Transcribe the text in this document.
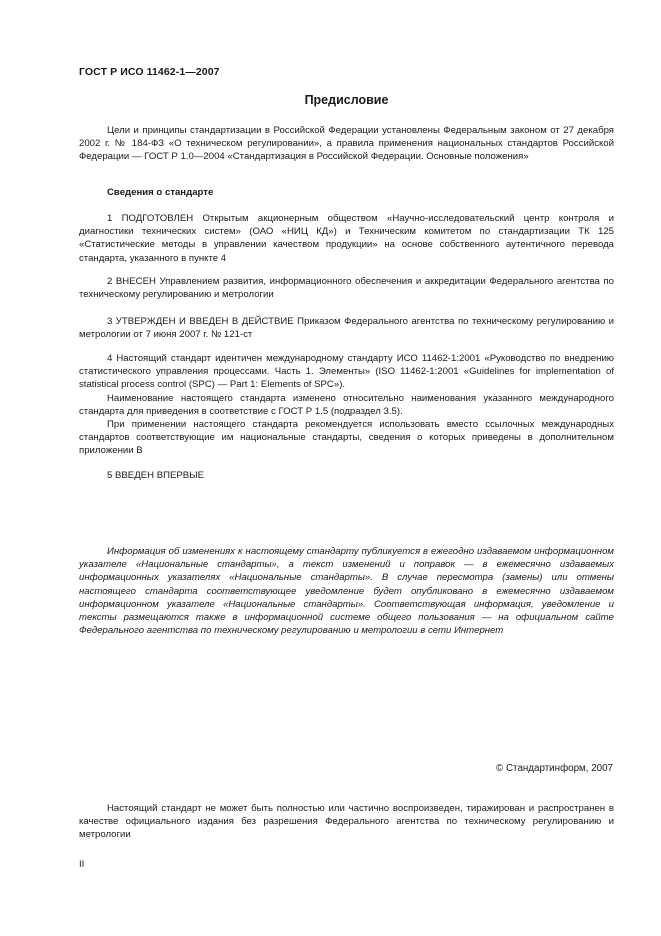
ГОСТ Р ИСО 11462-1—2007
Предисловие

Цели и принципы стандартизации в Российской Федерации установлены Федеральным законом от 27 декабря 2002 г. № 184-ФЗ «О техническом регулировании», а правила применения национальных стандартов Российской Федерации — ГОСТ Р 1.0—2004 «Стандартизация в Российской Федерации. Основные положения»

Сведения о стандарте

1 ПОДГОТОВЛЕН Открытым акционерным обществом «Научно-исследовательский центр контроля и диагностики технических систем» (ОАО «НИЦ КД») и Техническим комитетом по стандартизации ТК 125 «Статистические методы в управлении качеством продукции» на основе собственного аутентичного перевода стандарта, указанного в пункте 4

2 ВНЕСЕН Управлением развития, информационного обеспечения и аккредитации Федерального агентства по техническому регулированию и метрологии

3 УТВЕРЖДЕН И ВВЕДЕН В ДЕЙСТВИЕ Приказом Федерального агентства по техническому регулированию и метрологии от 7 июня 2007 г. № 121-ст

4 Настоящий стандарт идентичен международному стандарту ИСО 11462-1:2001 «Руководство по внедрению статистического управления процессами. Часть 1. Элементы» (ISO 11462-1:2001 «Guidelines for implementation of statistical process control (SPC) — Part 1: Elements of SPC»).

Наименование настоящего стандарта изменено относительно наименования указанного международного стандарта для приведения в соответствие с ГОСТ Р 1.5 (подраздел 3.5).

При применении настоящего стандарта рекомендуется использовать вместо ссылочных международных стандартов соответствующие им национальные стандарты, сведения о которых приведены в дополнительном приложении В

5 ВВЕДЕН ВПЕРВЫЕ

Информация об изменениях к настоящему стандарту публикуется в ежегодно издаваемом информационном указателе «Национальные стандарты», а текст изменений и поправок — в ежемесячно издаваемых информационных указателях «Национальные стандарты». В случае пересмотра (замены) или отмены настоящего стандарта соответствующее уведомление будет опубликовано в ежемесячно издаваемом информационном указателе «Национальные стандарты». Соответствующая информация, уведомление и тексты размещаются также в информационной системе общего пользования — на официальном сайте Федерального агентства по техническому регулированию и метрологии в сети Интернет

© Стандартинформ, 2007

Настоящий стандарт не может быть полностью или частично воспроизведен, тиражирован и распространен в качестве официального издания без разрешения Федерального агентства по техническому регулированию и метрологии

II
